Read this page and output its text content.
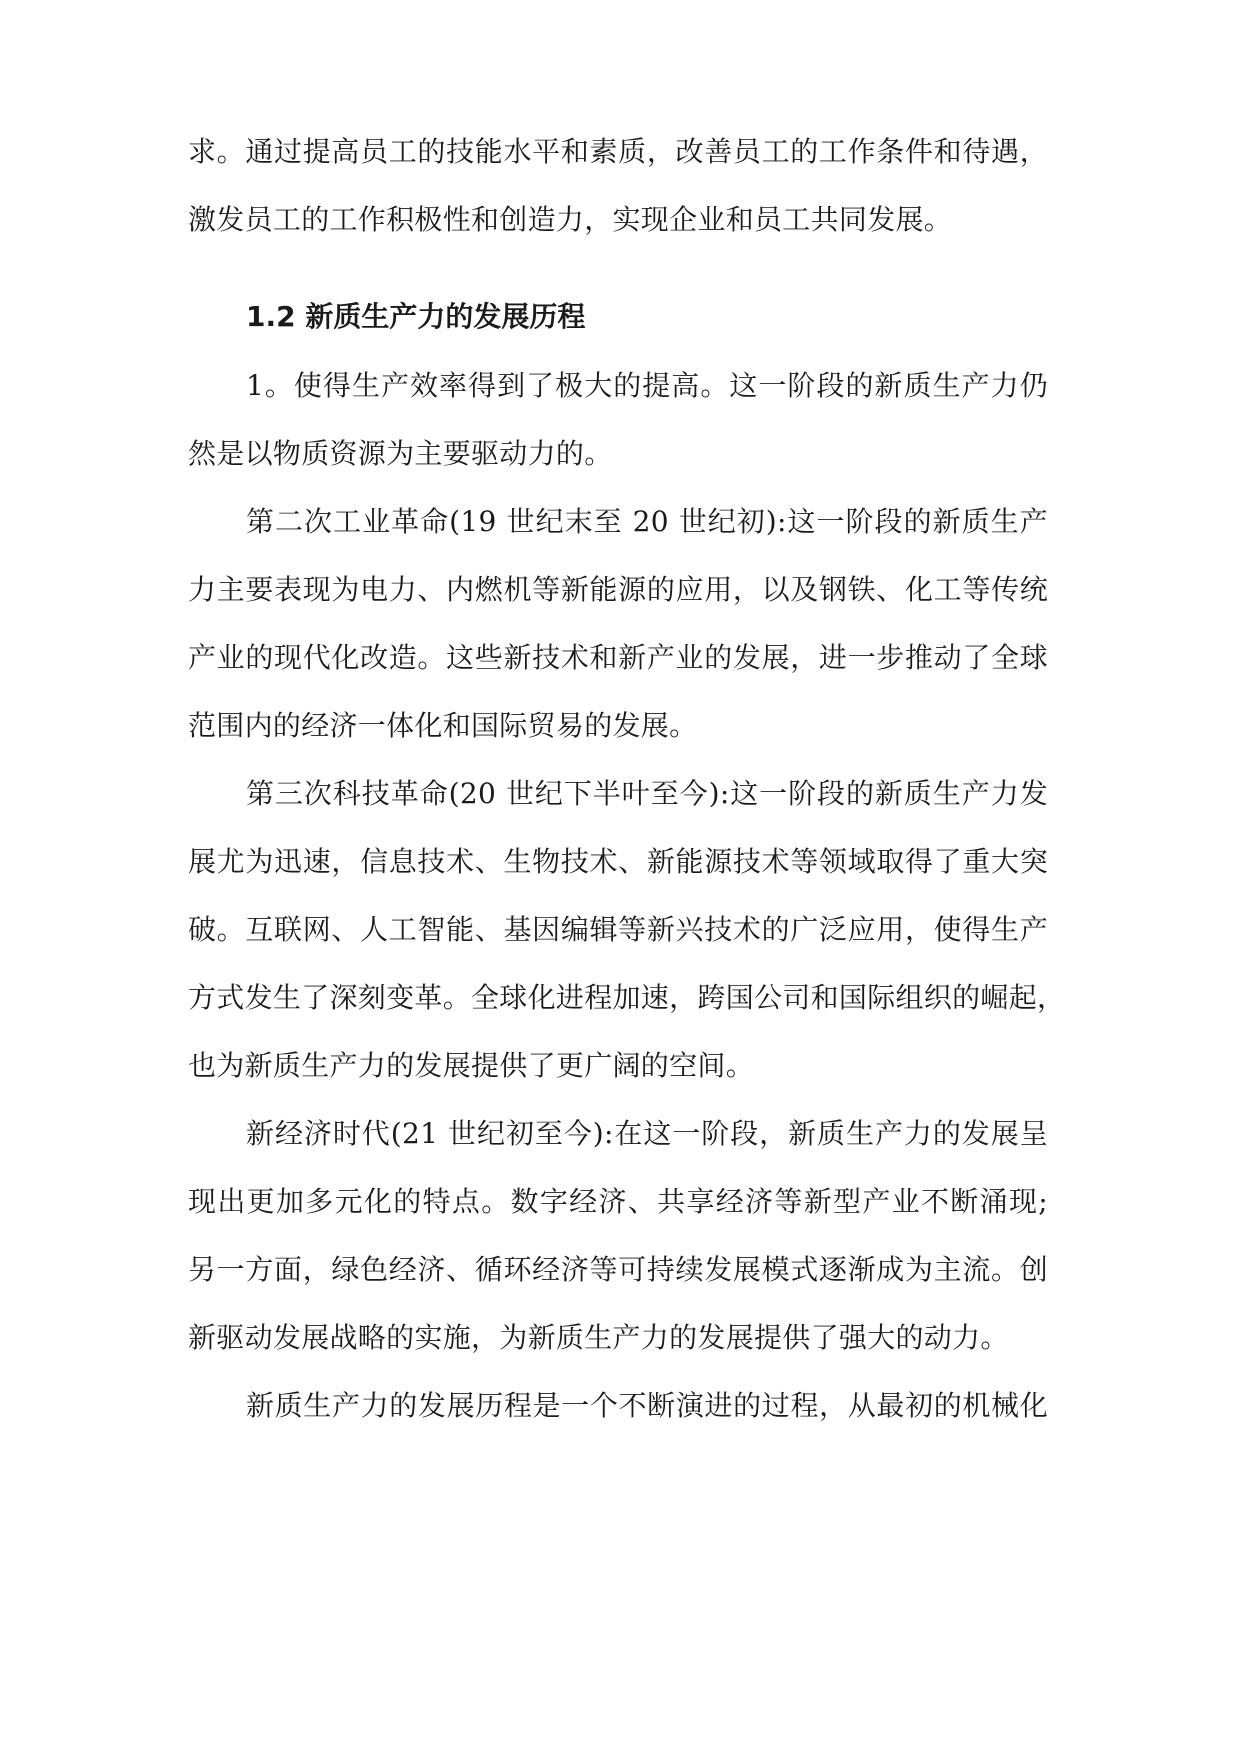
求。通过提高员工的技能水平和素质，改善员工的工作条件和待遇，
激发员工的工作积极性和创造力，实现企业和员工共同发展。
1.2 新质生产力的发展历程
1。使得生产效率得到了极大的提高。这一阶段的新质生产力仍
然是以物质资源为主要驱动力的。
第二次工业革命(19 世纪末至 20 世纪初):这一阶段的新质生产
力主要表现为电力、内燃机等新能源的应用，以及钢铁、化工等传统
产业的现代化改造。这些新技术和新产业的发展，进一步推动了全球
范围内的经济一体化和国际贸易的发展。
第三次科技革命(20 世纪下半叶至今):这一阶段的新质生产力发
展尤为迅速，信息技术、生物技术、新能源技术等领域取得了重大突
破。互联网、人工智能、基因编辑等新兴技术的广泛应用，使得生产
方式发生了深刻变革。全球化进程加速，跨国公司和国际组织的崛起，
也为新质生产力的发展提供了更广阔的空间。
新经济时代(21 世纪初至今):在这一阶段，新质生产力的发展呈
现出更加多元化的特点。数字经济、共享经济等新型产业不断涌现;
另一方面，绿色经济、循环经济等可持续发展模式逐渐成为主流。创
新驱动发展战略的实施，为新质生产力的发展提供了强大的动力。
新质生产力的发展历程是一个不断演进的过程，从最初的机械化
